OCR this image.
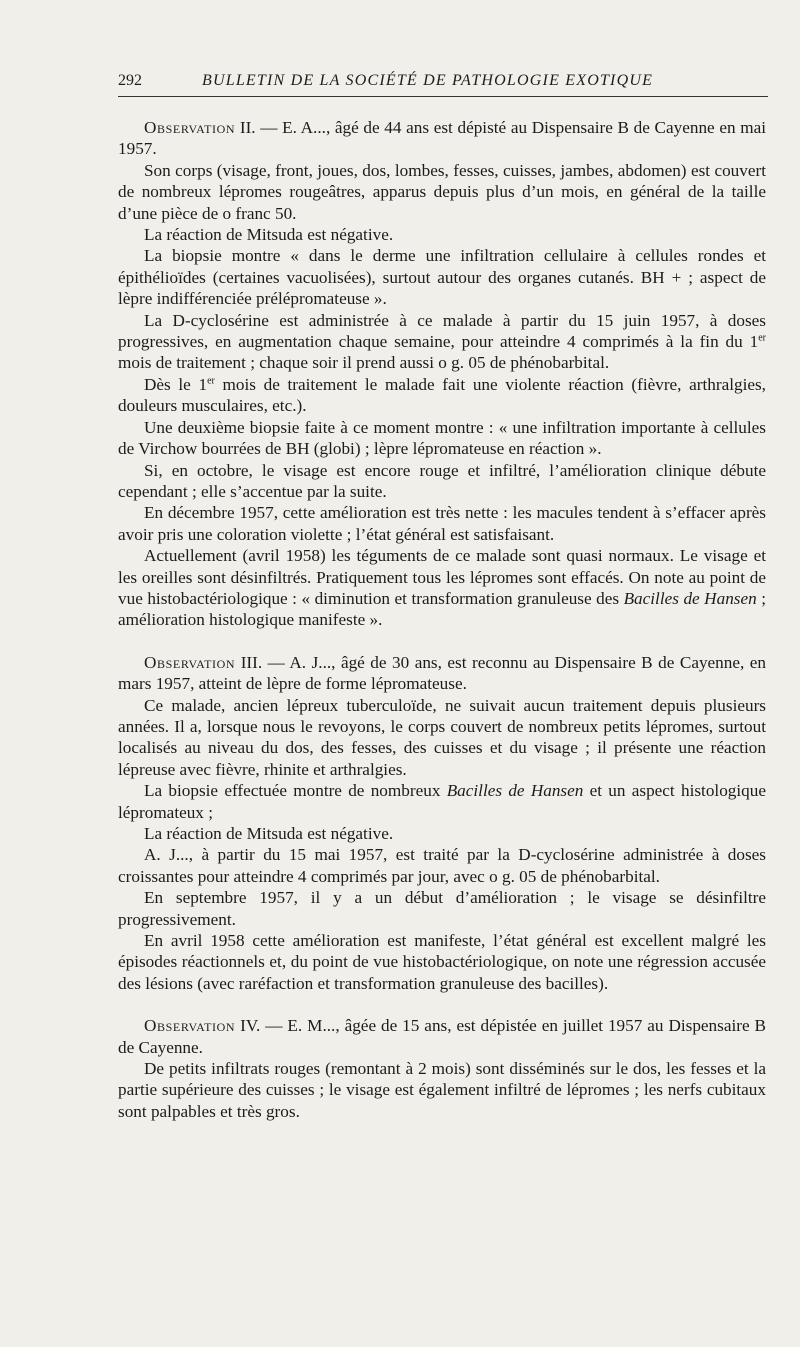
292	BULLETIN DE LA SOCIÉTÉ DE PATHOLOGIE EXOTIQUE

Observation II. — E. A..., âgé de 44 ans est dépisté au Dispensaire B de Cayenne en mai 1957.

Son corps (visage, front, joues, dos, lombes, fesses, cuisses, jambes, abdomen) est couvert de nombreux lépromes rougeâtres, apparus depuis plus d’un mois, en général de la taille d’une pièce de o franc 50.

La réaction de Mitsuda est négative.

La biopsie montre « dans le derme une infiltration cellulaire à cellules rondes et épithélioïdes (certaines vacuolisées), surtout autour des organes cutanés. BH + ; aspect de lèpre indifférenciée prélépromateuse ».

La D-cyclosérine est administrée à ce malade à partir du 15 juin 1957, à doses progressives, en augmentation chaque semaine, pour atteindre 4 comprimés à la fin du 1er mois de traitement ; chaque soir il prend aussi o g. 05 de phénobarbital.

Dès le 1er mois de traitement le malade fait une violente réaction (fièvre, arthralgies, douleurs musculaires, etc.).

Une deuxième biopsie faite à ce moment montre : « une infiltration importante à cellules de Virchow bourrées de BH (globi) ; lèpre lépromateuse en réaction ».

Si, en octobre, le visage est encore rouge et infiltré, l’amélioration clinique débute cependant ; elle s’accentue par la suite.

En décembre 1957, cette amélioration est très nette : les macules tendent à s’effacer après avoir pris une coloration violette ; l’état général est satisfaisant.

Actuellement (avril 1958) les téguments de ce malade sont quasi normaux. Le visage et les oreilles sont désinfiltrés. Pratiquement tous les lépromes sont effacés. On note au point de vue histobactériologique : « diminution et transformation granuleuse des Bacilles de Hansen ; amélioration histologique manifeste ».

Observation III. — A. J..., âgé de 30 ans, est reconnu au Dispensaire B de Cayenne, en mars 1957, atteint de lèpre de forme lépromateuse.

Ce malade, ancien lépreux tuberculoïde, ne suivait aucun traitement depuis plusieurs années. Il a, lorsque nous le revoyons, le corps couvert de nombreux petits lépromes, surtout localisés au niveau du dos, des fesses, des cuisses et du visage ; il présente une réaction lépreuse avec fièvre, rhinite et arthralgies.

La biopsie effectuée montre de nombreux Bacilles de Hansen et un aspect histologique lépromateux ;

La réaction de Mitsuda est négative.

A. J..., à partir du 15 mai 1957, est traité par la D-cyclosérine administrée à doses croissantes pour atteindre 4 comprimés par jour, avec o g. 05 de phénobarbital.

En septembre 1957, il y a un début d’amélioration ; le visage se désinfiltre progressivement.

En avril 1958 cette amélioration est manifeste, l’état général est excellent malgré les épisodes réactionnels et, du point de vue histobactériologique, on note une régression accusée des lésions (avec raréfaction et transformation granuleuse des bacilles).

Observation IV. — E. M..., âgée de 15 ans, est dépistée en juillet 1957 au Dispensaire B de Cayenne.

De petits infiltrats rouges (remontant à 2 mois) sont disséminés sur le dos, les fesses et la partie supérieure des cuisses ; le visage est également infiltré de lépromes ; les nerfs cubitaux sont palpables et très gros.
